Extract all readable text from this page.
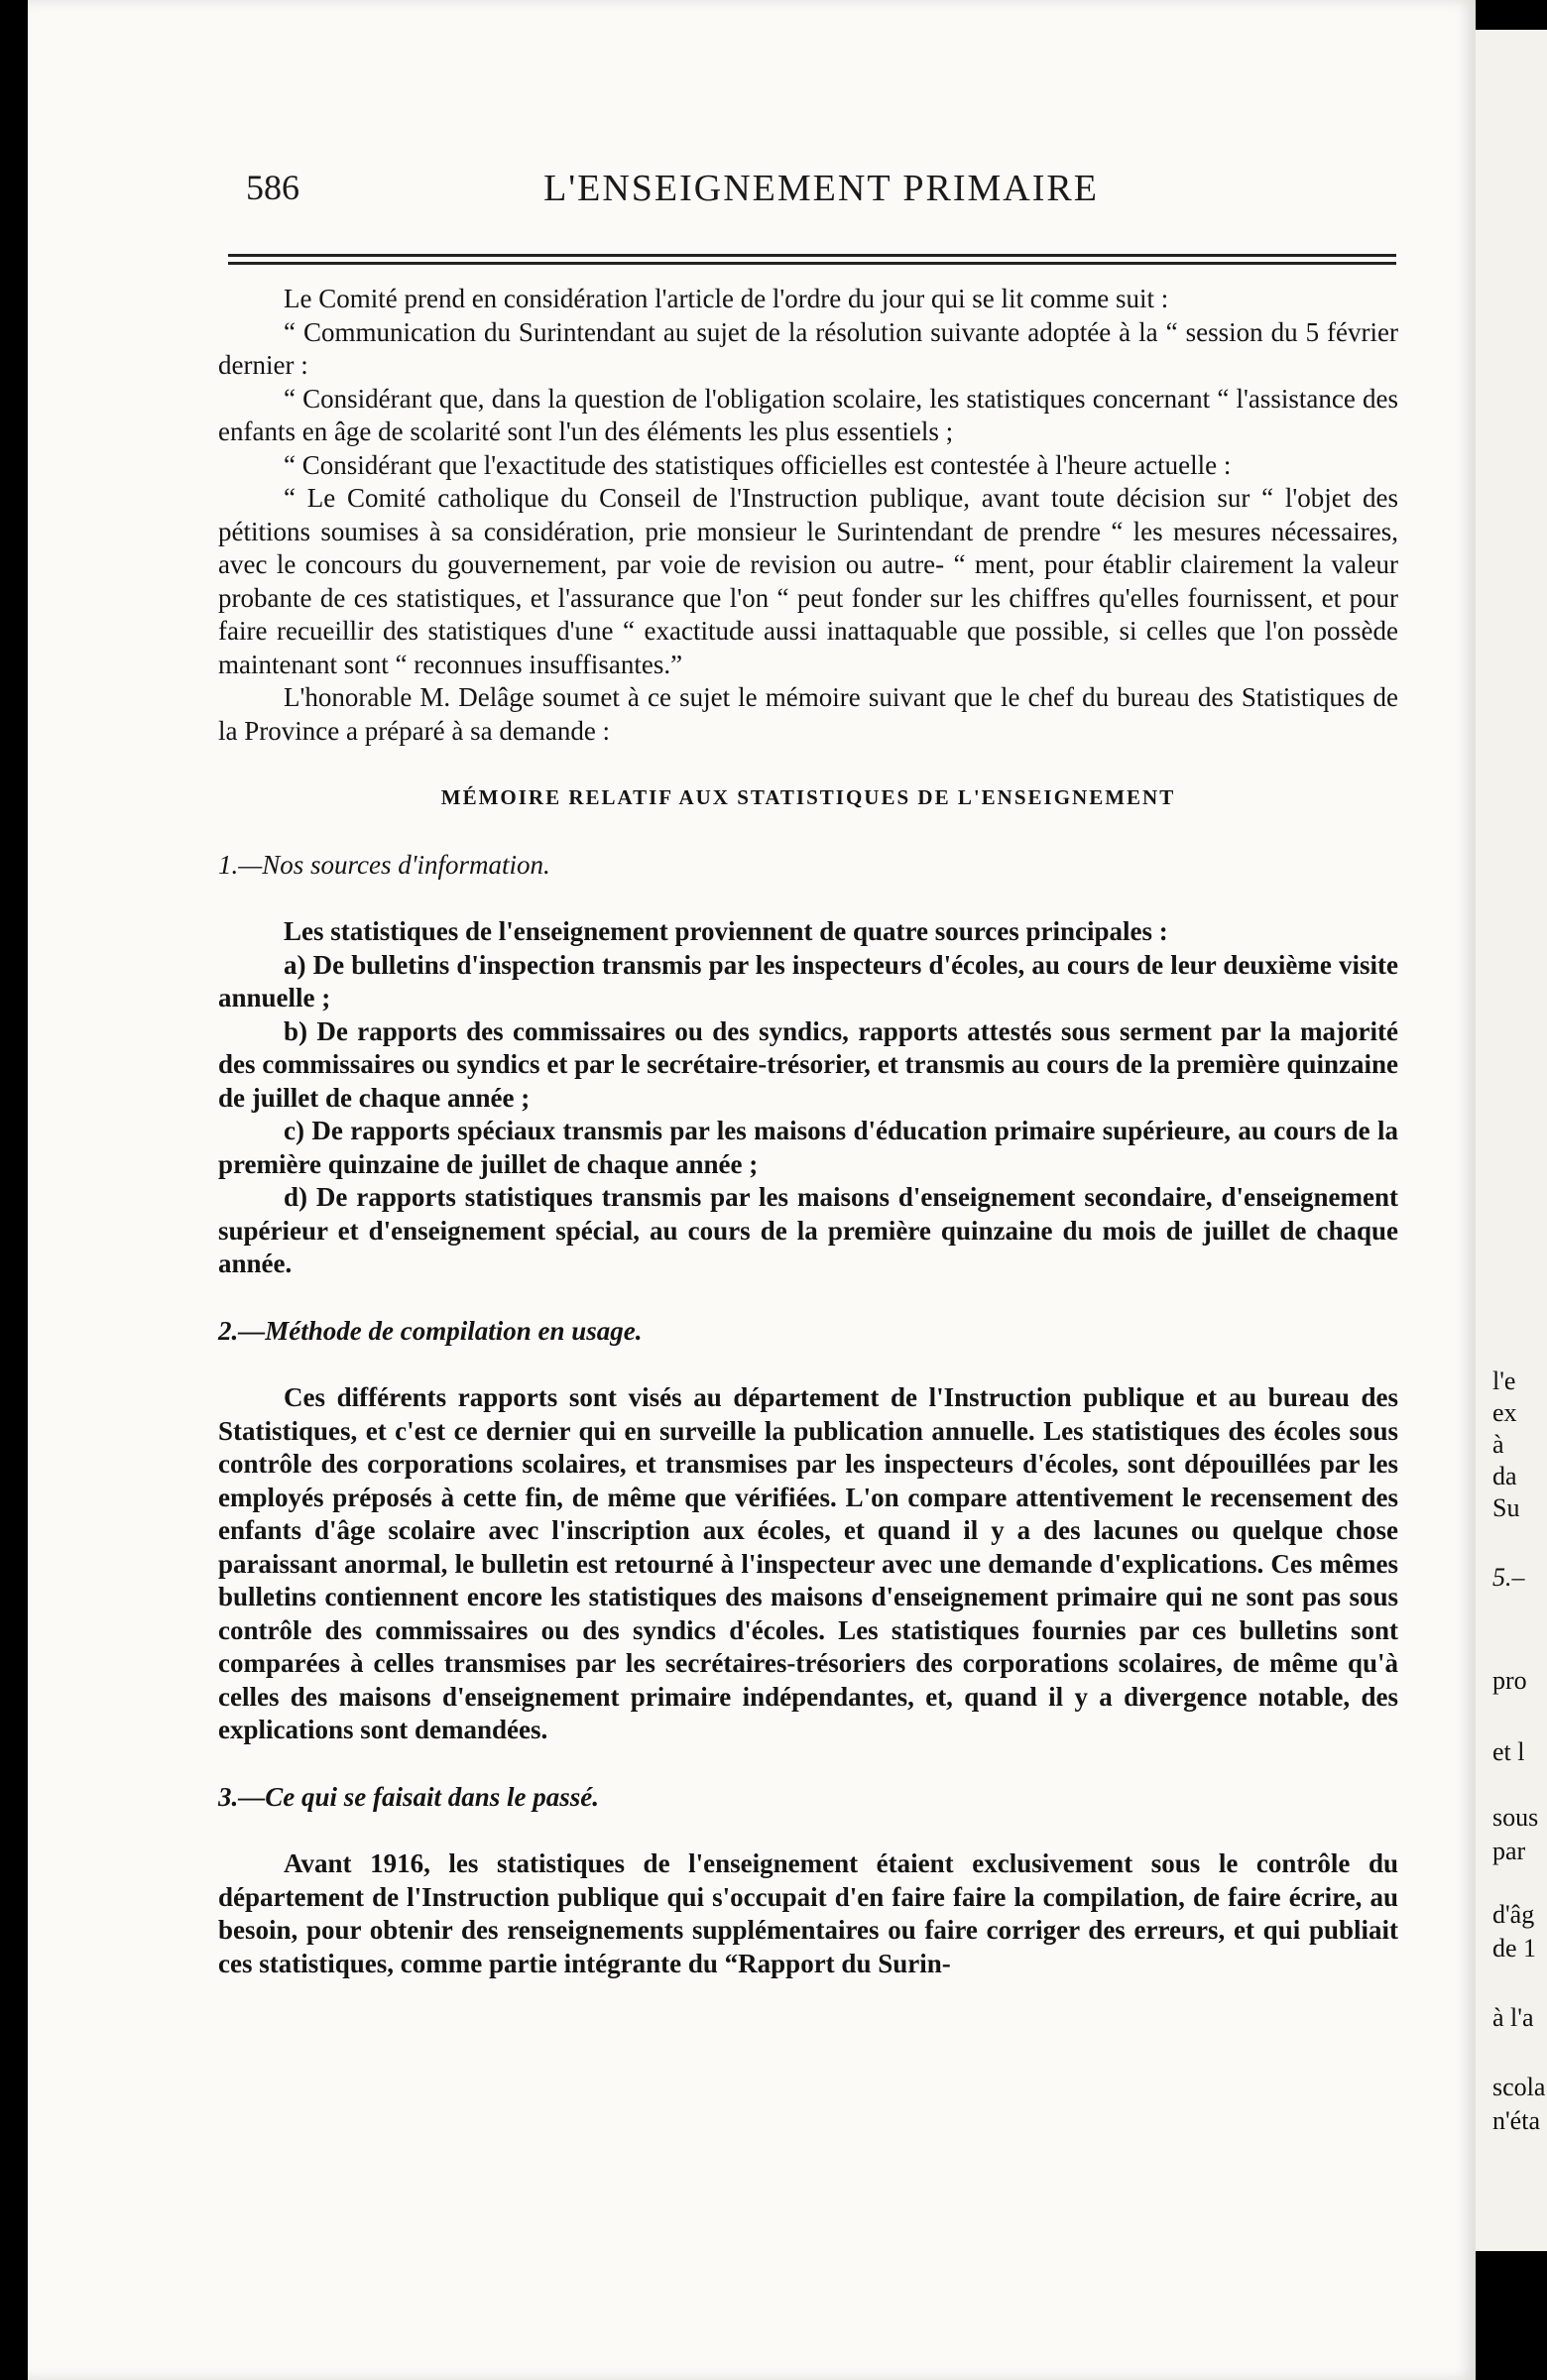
586	L'ENSEIGNEMENT PRIMAIRE

Le Comité prend en considération l'article de l'ordre du jour qui se lit comme suit :

“ Communication du Surintendant au sujet de la résolution suivante adoptée à la “ session du 5 février dernier :

“ Considérant que, dans la question de l'obligation scolaire, les statistiques concernant “ l'assistance des enfants en âge de scolarité sont l'un des éléments les plus essentiels ;

“ Considérant que l'exactitude des statistiques officielles est contestée à l'heure actuelle :

“ Le Comité catholique du Conseil de l'Instruction publique, avant toute décision sur “ l'objet des pétitions soumises à sa considération, prie monsieur le Surintendant de prendre “ les mesures nécessaires, avec le concours du gouvernement, par voie de revision ou autre- “ ment, pour établir clairement la valeur probante de ces statistiques, et l'assurance que l'on “ peut fonder sur les chiffres qu'elles fournissent, et pour faire recueillir des statistiques d'une “ exactitude aussi inattaquable que possible, si celles que l'on possède maintenant sont “ reconnues insuffisantes.”

L'honorable M. Delâge soumet à ce sujet le mémoire suivant que le chef du bureau des Statistiques de la Province a préparé à sa demande :

MÉMOIRE RELATIF AUX STATISTIQUES DE L'ENSEIGNEMENT

1.—Nos sources d'information.

Les statistiques de l'enseignement proviennent de quatre sources principales :

a) De bulletins d'inspection transmis par les inspecteurs d'écoles, au cours de leur deuxième visite annuelle ;

b) De rapports des commissaires ou des syndics, rapports attestés sous serment par la majorité des commissaires ou syndics et par le secrétaire-trésorier, et transmis au cours de la première quinzaine de juillet de chaque année ;

c) De rapports spéciaux transmis par les maisons d'éducation primaire supérieure, au cours de la première quinzaine de juillet de chaque année ;

d) De rapports statistiques transmis par les maisons d'enseignement secondaire, d'enseignement supérieur et d'enseignement spécial, au cours de la première quinzaine du mois de juillet de chaque année.

2.—Méthode de compilation en usage.

Ces différents rapports sont visés au département de l'Instruction publique et au bureau des Statistiques, et c'est ce dernier qui en surveille la publication annuelle. Les statistiques des écoles sous contrôle des corporations scolaires, et transmises par les inspecteurs d'écoles, sont dépouillées par les employés préposés à cette fin, de même que vérifiées. L'on compare attentivement le recensement des enfants d'âge scolaire avec l'inscription aux écoles, et quand il y a des lacunes ou quelque chose paraissant anormal, le bulletin est retourné à l'inspecteur avec une demande d'explications. Ces mêmes bulletins contiennent encore les statistiques des maisons d'enseignement primaire qui ne sont pas sous contrôle des commissaires ou des syndics d'écoles. Les statistiques fournies par ces bulletins sont comparées à celles transmises par les secrétaires-trésoriers des corporations scolaires, de même qu'à celles des maisons d'enseignement primaire indépendantes, et, quand il y a divergence notable, des explications sont demandées.

3.—Ce qui se faisait dans le passé.

Avant 1916, les statistiques de l'enseignement étaient exclusivement sous le contrôle du département de l'Instruction publique qui s'occupait d'en faire faire la compilation, de faire écrire, au besoin, pour obtenir des renseignements supplémentaires ou faire corriger des erreurs, et qui publiait ces statistiques, comme partie intégrante du “Rapport du Surin-

l'e
ex
à
da
Su
5.–
pro
et l
sous
par
d'âg
de 1
à l'a
scola
n'éta
